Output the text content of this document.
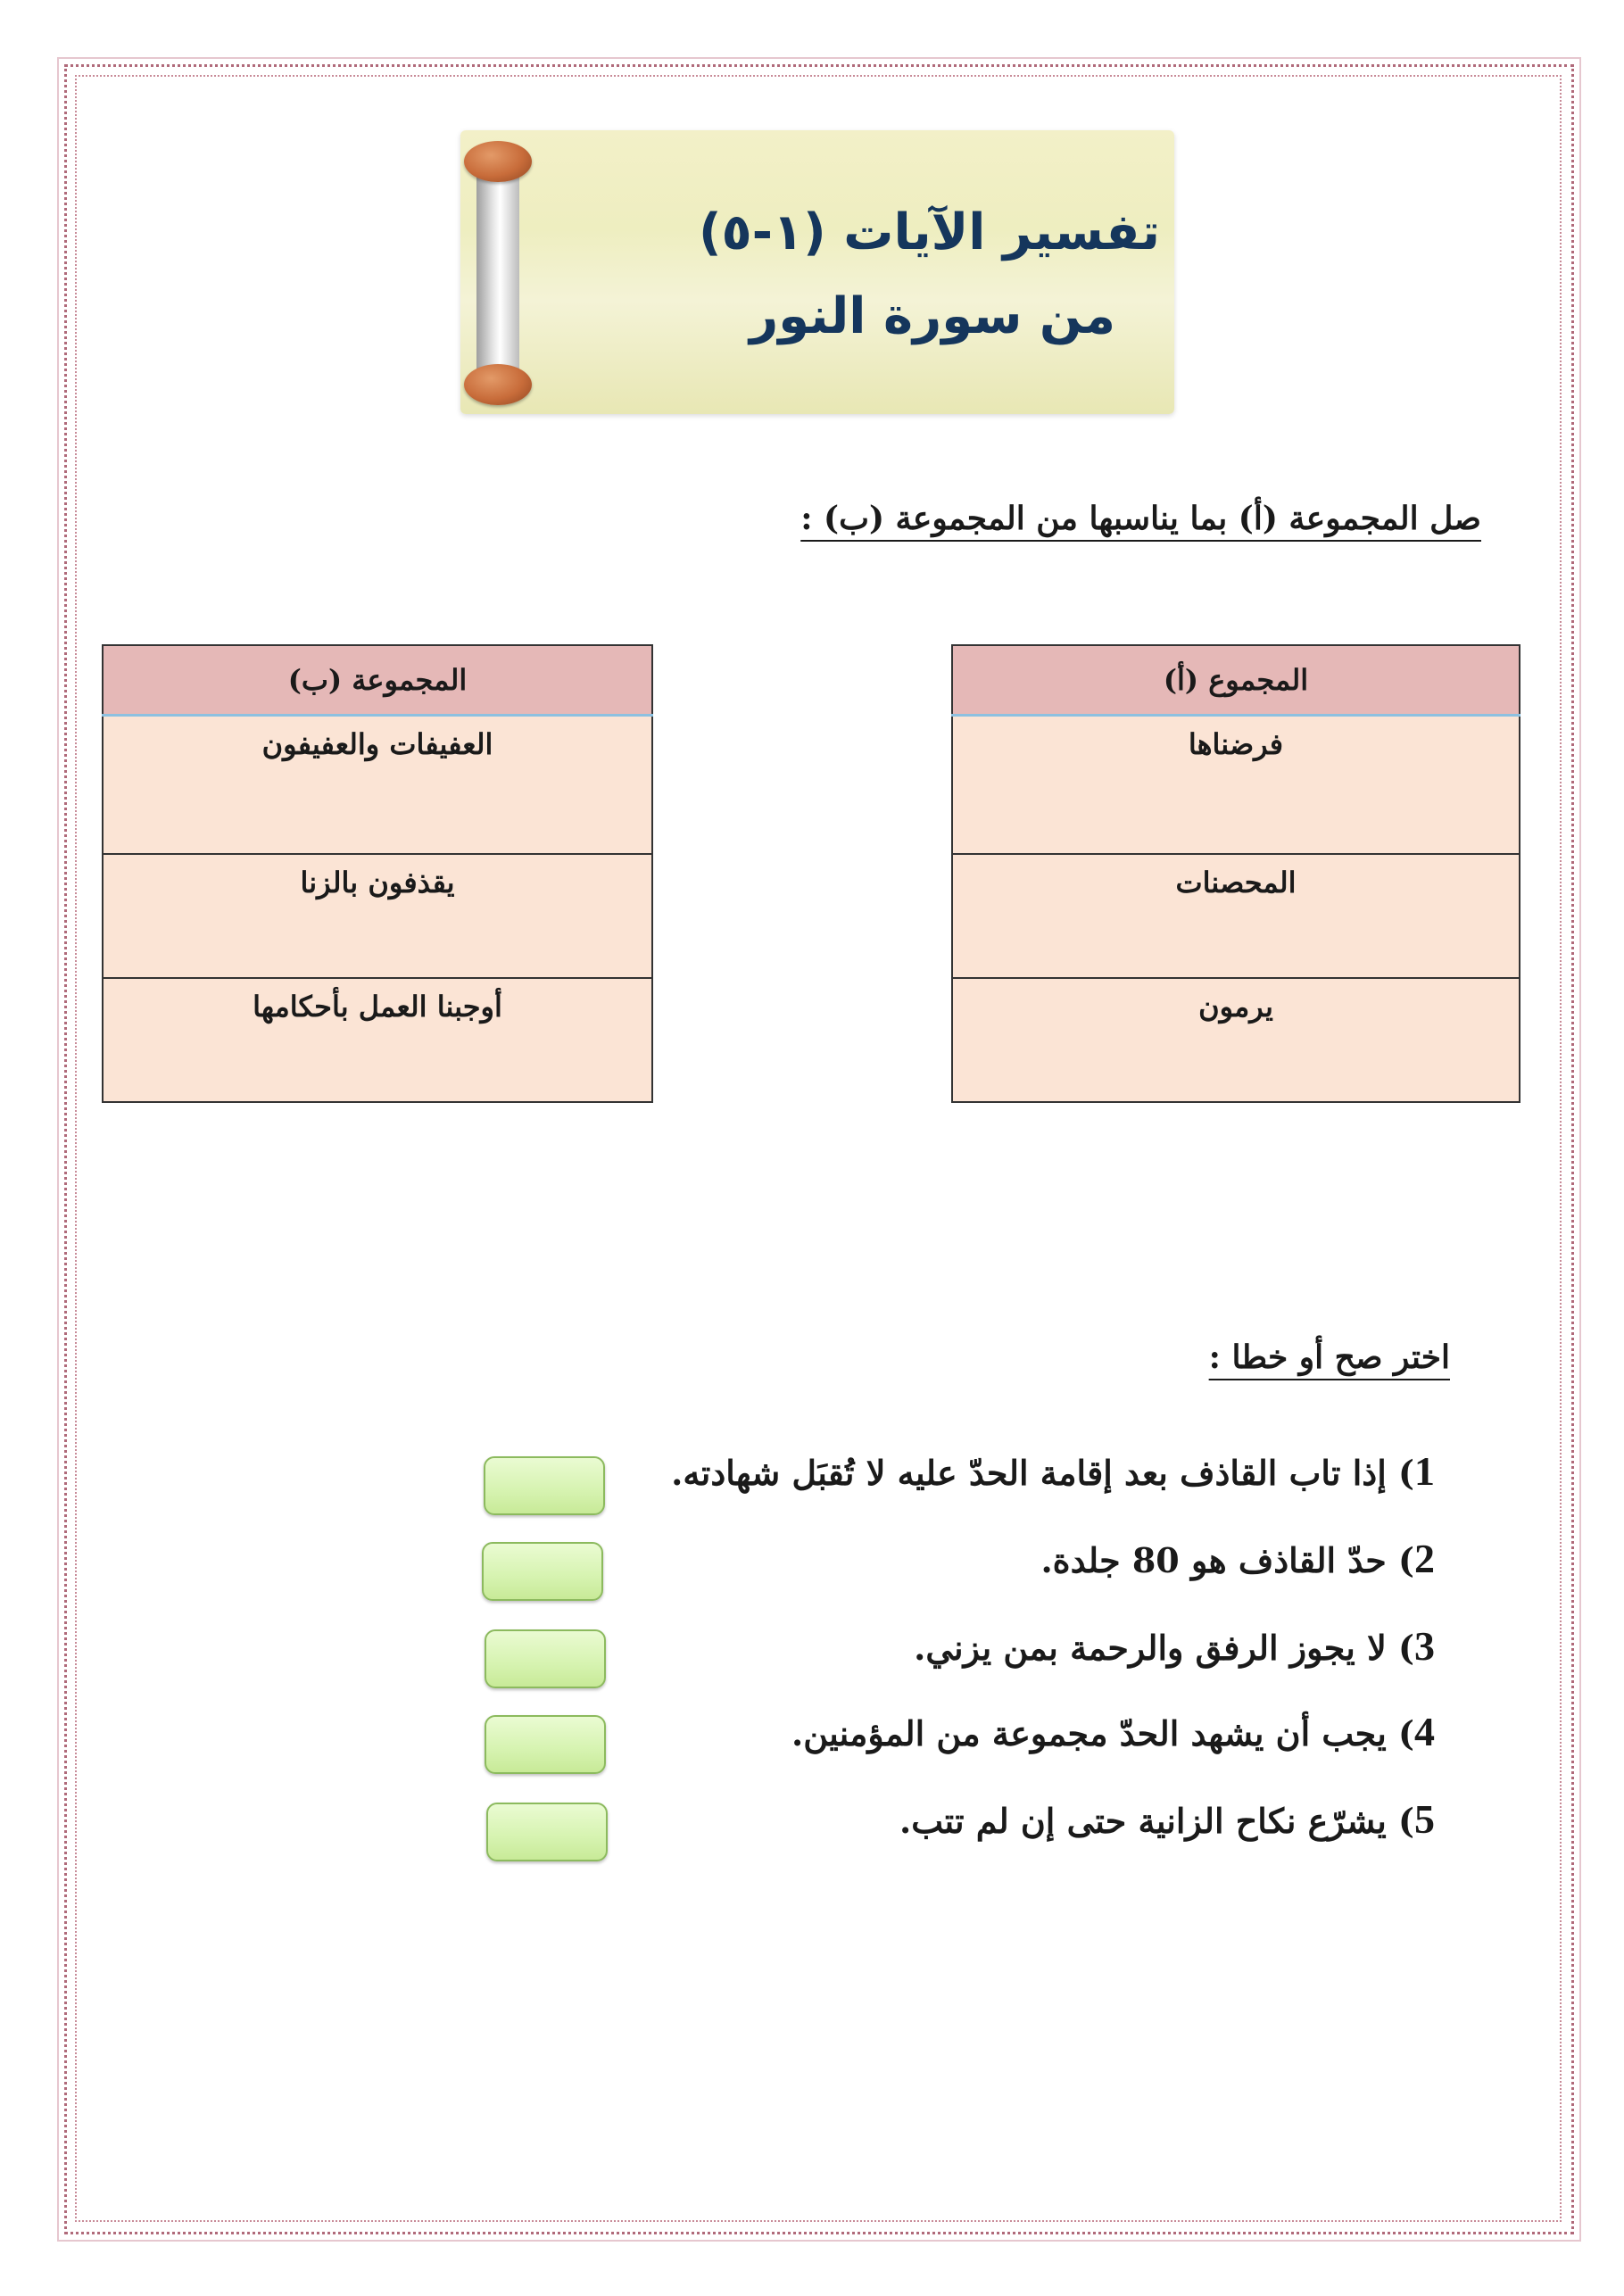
تفسير الآيات (١-٥)
من سورة النور
صل المجموعة (أ) بما يناسبها من المجموعة (ب) :
المجموع (أ)
فرضناها
المحصنات
يرمون
المجموعة (ب)
العفيفات والعفيفون
يقذفون بالزنا
أوجبنا العمل بأحكامها
اختر صح أو خطا :
1) إذا تاب القاذف بعد إقامة الحدّ عليه لا تُقبَل شهادته.
2) حدّ القاذف هو 80 جلدة.
3) لا يجوز الرفق والرحمة بمن يزني.
4) يجب أن يشهد الحدّ مجموعة من المؤمنين.
5) يشرّع نكاح الزانية حتى إن لم تتب.
